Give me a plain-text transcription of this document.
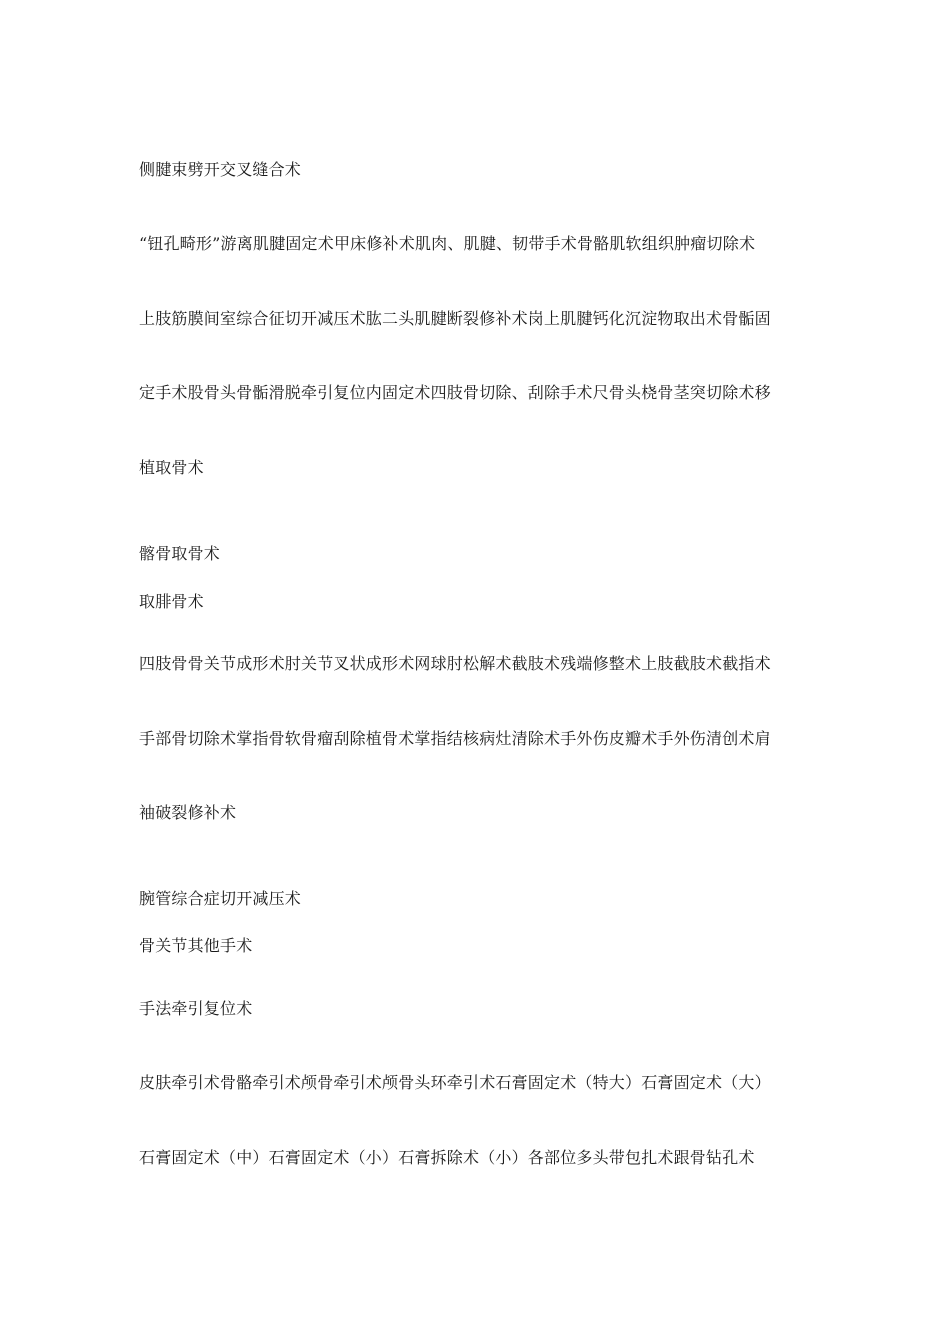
侧腱束劈开交叉缝合术
“钮孔畸形”游离肌腱固定术甲床修补术肌肉、肌腱、韧带手术骨骼肌软组织肿瘤切除术
上肢筋膜间室综合征切开减压术肱二头肌腱断裂修补术岗上肌腱钙化沉淀物取出术骨骺固
定手术股骨头骨骺滑脱牵引复位内固定术四肢骨切除、刮除手术尺骨头桡骨茎突切除术移
植取骨术
髂骨取骨术
取腓骨术
四肢骨骨关节成形术肘关节叉状成形术网球肘松解术截肢术残端修整术上肢截肢术截指术
手部骨切除术掌指骨软骨瘤刮除植骨术掌指结核病灶清除术手外伤皮瓣术手外伤清创术肩
袖破裂修补术
腕管综合症切开减压术
骨关节其他手术
手法牵引复位术
皮肤牵引术骨骼牵引术颅骨牵引术颅骨头环牵引术石膏固定术（特大）石膏固定术（大）
石膏固定术（中）石膏固定术（小）石膏拆除术（小）各部位多头带包扎术跟骨钻孔术
